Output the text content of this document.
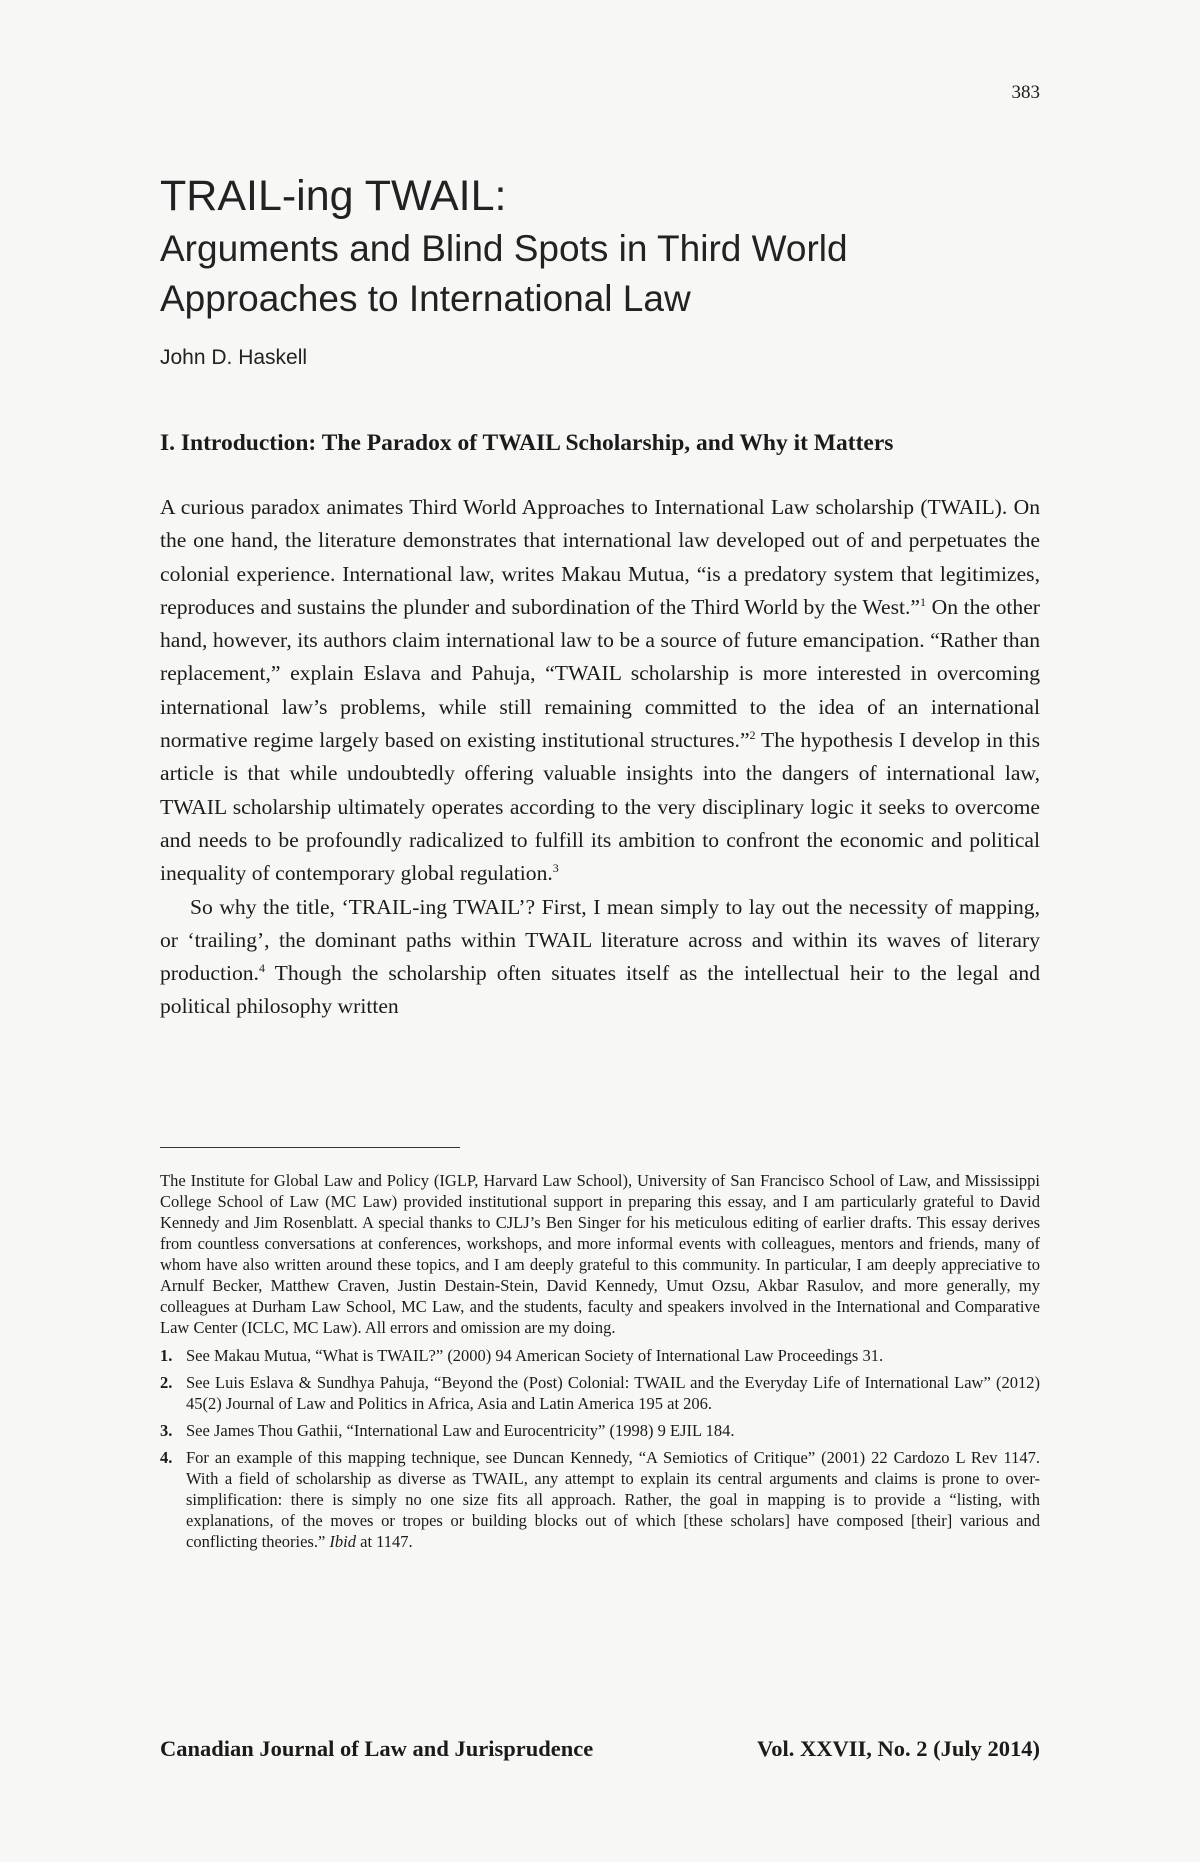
383
TRAIL-ing TWAIL:
Arguments and Blind Spots in Third World
Approaches to International Law
John D. Haskell
I. Introduction: The Paradox of TWAIL Scholarship, and Why it Matters

A curious paradox animates Third World Approaches to International Law scholarship (TWAIL). On the one hand, the literature demonstrates that international law developed out of and perpetuates the colonial experience. International law, writes Makau Mutua, “is a predatory system that legitimizes, reproduces and sustains the plunder and subordination of the Third World by the West.”$^1$ On the other hand, however, its authors claim international law to be a source of future emancipation. “Rather than replacement,” explain Eslava and Pahuja, “TWAIL scholarship is more interested in overcoming international law’s problems, while still remaining committed to the idea of an international normative regime largely based on existing institutional structures.”$^2$ The hypothesis I develop in this article is that while undoubtedly offering valuable insights into the dangers of international law, TWAIL scholarship ultimately operates according to the very disciplinary logic it seeks to overcome and needs to be profoundly radicalized to fulfill its ambition to confront the economic and political inequality of contemporary global regulation.$^3$

So why the title, ‘TRAIL-ing TWAIL’? First, I mean simply to lay out the necessity of mapping, or ‘trailing’, the dominant paths within TWAIL literature across and within its waves of literary production.$^4$ Though the scholarship often situates itself as the intellectual heir to the legal and political philosophy written

The Institute for Global Law and Policy (IGLP, Harvard Law School), University of San Francisco School of Law, and Mississippi College School of Law (MC Law) provided institutional support in preparing this essay, and I am particularly grateful to David Kennedy and Jim Rosenblatt. A special thanks to CJLJ’s Ben Singer for his meticulous editing of earlier drafts. This essay derives from countless conversations at conferences, workshops, and more informal events with colleagues, mentors and friends, many of whom have also written around these topics, and I am deeply grateful to this community. In particular, I am deeply appreciative to Arnulf Becker, Matthew Craven, Justin Destain-Stein, David Kennedy, Umut Ozsu, Akbar Rasulov, and more generally, my colleagues at Durham Law School, MC Law, and the students, faculty and speakers involved in the International and Comparative Law Center (ICLC, MC Law). All errors and omission are my doing.

1. See Makau Mutua, “What is TWAIL?” (2000) 94 American Society of International Law Proceedings 31.
2. See Luis Eslava & Sundhya Pahuja, “Beyond the (Post) Colonial: TWAIL and the Everyday Life of International Law” (2012) 45(2) Journal of Law and Politics in Africa, Asia and Latin America 195 at 206.
3. See James Thou Gathii, “International Law and Eurocentricity” (1998) 9 EJIL 184.
4. For an example of this mapping technique, see Duncan Kennedy, “A Semiotics of Critique” (2001) 22 Cardozo L Rev 1147. With a field of scholarship as diverse as TWAIL, any attempt to explain its central arguments and claims is prone to over-simplification: there is simply no one size fits all approach. Rather, the goal in mapping is to provide a “listing, with explanations, of the moves or tropes or building blocks out of which [these scholars] have composed [their] various and conflicting theories.” Ibid at 1147.
Canadian Journal of Law and Jurisprudence	Vol. XXVII, No. 2 (July 2014)
